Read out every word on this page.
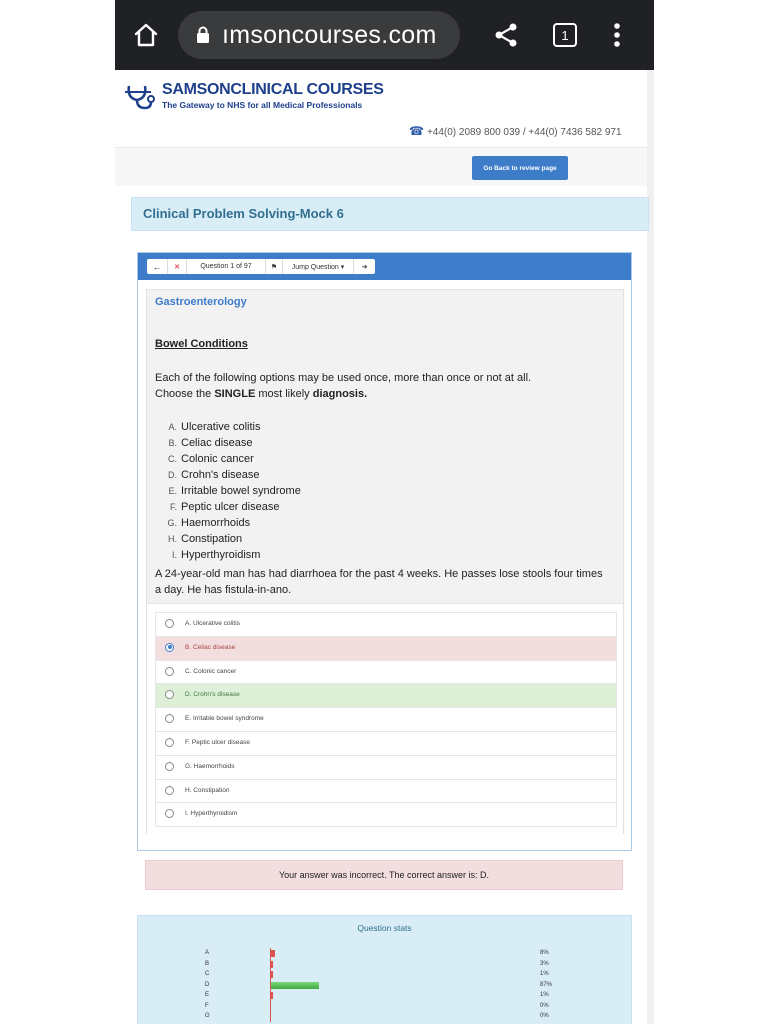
ımsoncourses.com	1
SAMSONCLINICAL COURSES
The Gateway to NHS for all Medical Professionals
☎ +44(0) 2089 800 039 / +44(0) 7436 582 971
Go Back to review page
Clinical Problem Solving-Mock 6
← ✕	Question 1 of 97	⚑ Jump Question ▾ ➜
Gastroenterology
Bowel Conditions
Each of the following options may be used once, more than once or not at all.
Choose the SINGLE most likely diagnosis.
A. Ulcerative colitis
B. Celiac disease
C. Colonic cancer
D. Crohn's disease
E. Irritable bowel syndrome
F. Peptic ulcer disease
G. Haemorrhoids
H. Constipation
I. Hyperthyroidism
A 24-year-old man has had diarrhoea for the past 4 weeks. He passes lose stools four times a day. He has fistula-in-ano.
A. Ulcerative colitis
B. Celiac disease
C. Colonic cancer
D. Crohn's disease
E. Irritable bowel syndrome
F. Peptic ulcer disease
G. Haemorrhoids
H. Constipation
I. Hyperthyroidism
Your answer was incorrect. The correct answer is: D.
Question stats
A	8%
B	3%
C	1%
D	87%
E	1%
F	0%
G	0%
